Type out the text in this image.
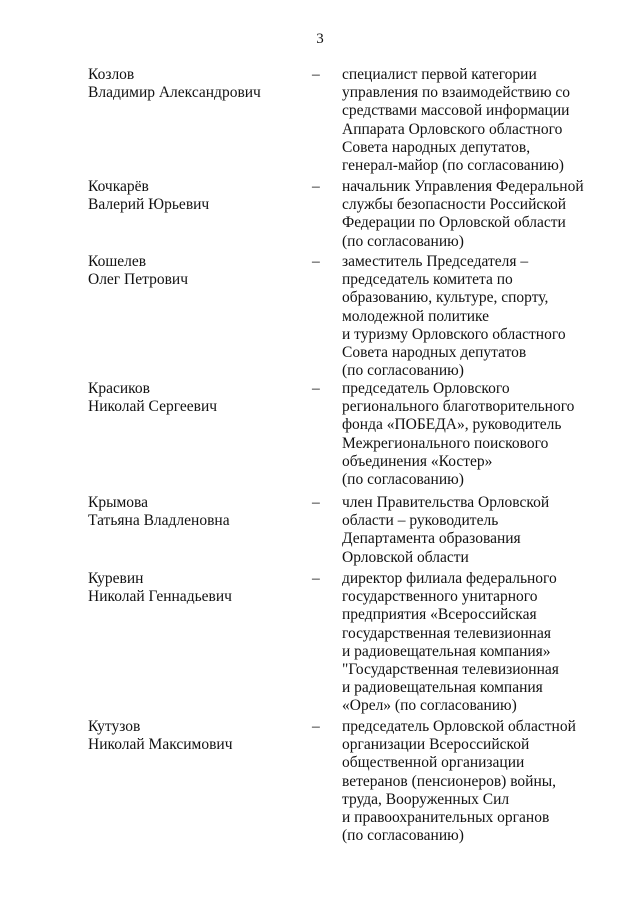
3
Козлов
Владимир Александрович
–	специалист первой категории
управления по взаимодействию со
средствами массовой информации
Аппарата Орловского областного
Совета народных депутатов,
генерал-майор (по согласованию)
Кочкарёв
Валерий Юрьевич
–	начальник Управления Федеральной
службы безопасности Российской
Федерации по Орловской области
(по согласованию)
Кошелев
Олег Петрович
–	заместитель Председателя –
председатель комитета по
образованию, культуре, спорту,
молодежной политике
и туризму Орловского областного
Совета народных депутатов
(по согласованию)
Красиков
Николай Сергеевич
–	председатель Орловского
регионального благотворительного
фонда «ПОБЕДА», руководитель
Межрегионального поискового
объединения «Костер»
(по согласованию)
Крымова
Татьяна Владленовна
–	член Правительства Орловской
области – руководитель
Департамента образования
Орловской области
Куревин
Николай Геннадьевич
–	директор филиала федерального
государственного унитарного
предприятия «Всероссийская
государственная телевизионная
и радиовещательная компания»
"Государственная телевизионная
и радиовещательная компания
«Орел» (по согласованию)
Кутузов
Николай Максимович
–	председатель Орловской областной
организации Всероссийской
общественной организации
ветеранов (пенсионеров) войны,
труда, Вооруженных Сил
и правоохранительных органов
(по согласованию)
